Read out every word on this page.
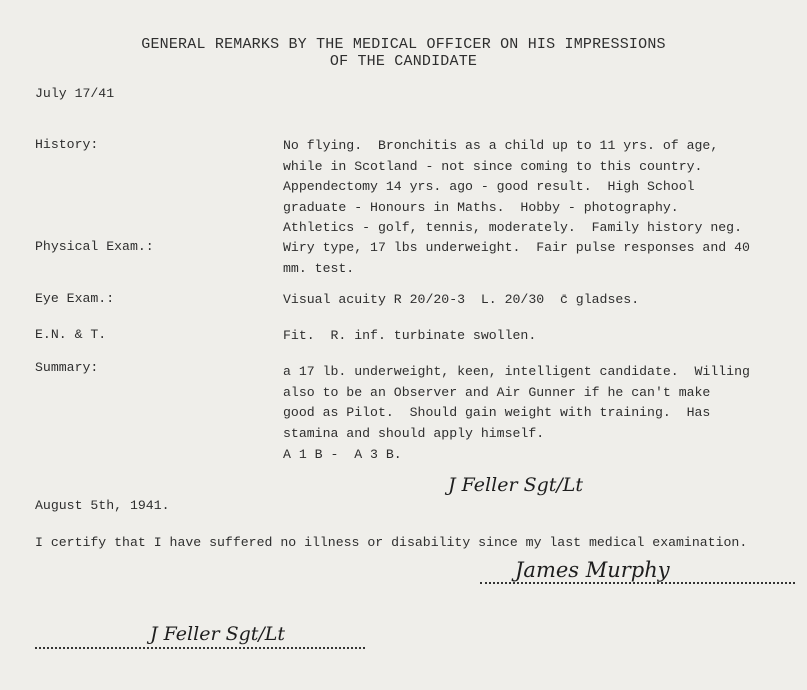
GENERAL REMARKS BY THE MEDICAL OFFICER ON HIS IMPRESSIONS
OF THE CANDIDATE
July 17/41
History:	No flying.  Bronchitis as a child up to 11 yrs. of age,
while in Scotland - not since coming to this country.
Appendectomy 14 yrs. ago - good result.  High School
graduate - Honours in Maths.  Hobby - photography.
Athletics - golf, tennis, moderately.  Family history neg.
Physical Exam.:	Wiry type, 17 lbs underweight.  Fair pulse responses and 40
mm. test.
Eye Exam.:	Visual acuity R 20/20-3  L. 20/30  c̄ gladses.
E.N. & T.	Fit.  R. inf. turbinate swollen.
Summary:	a 17 lb. underweight, keen, intelligent candidate.  Willing
also to be an Observer and Air Gunner if he can't make
good as Pilot.  Should gain weight with training.  Has
stamina and should apply himself.
A 1 B -  A 3 B.
J Feller Sgt/Lt
August 5th, 1941.
I certify that I have suffered no illness or disability since my last medical examination.
James Murphy
J Feller Sgt/Lt
